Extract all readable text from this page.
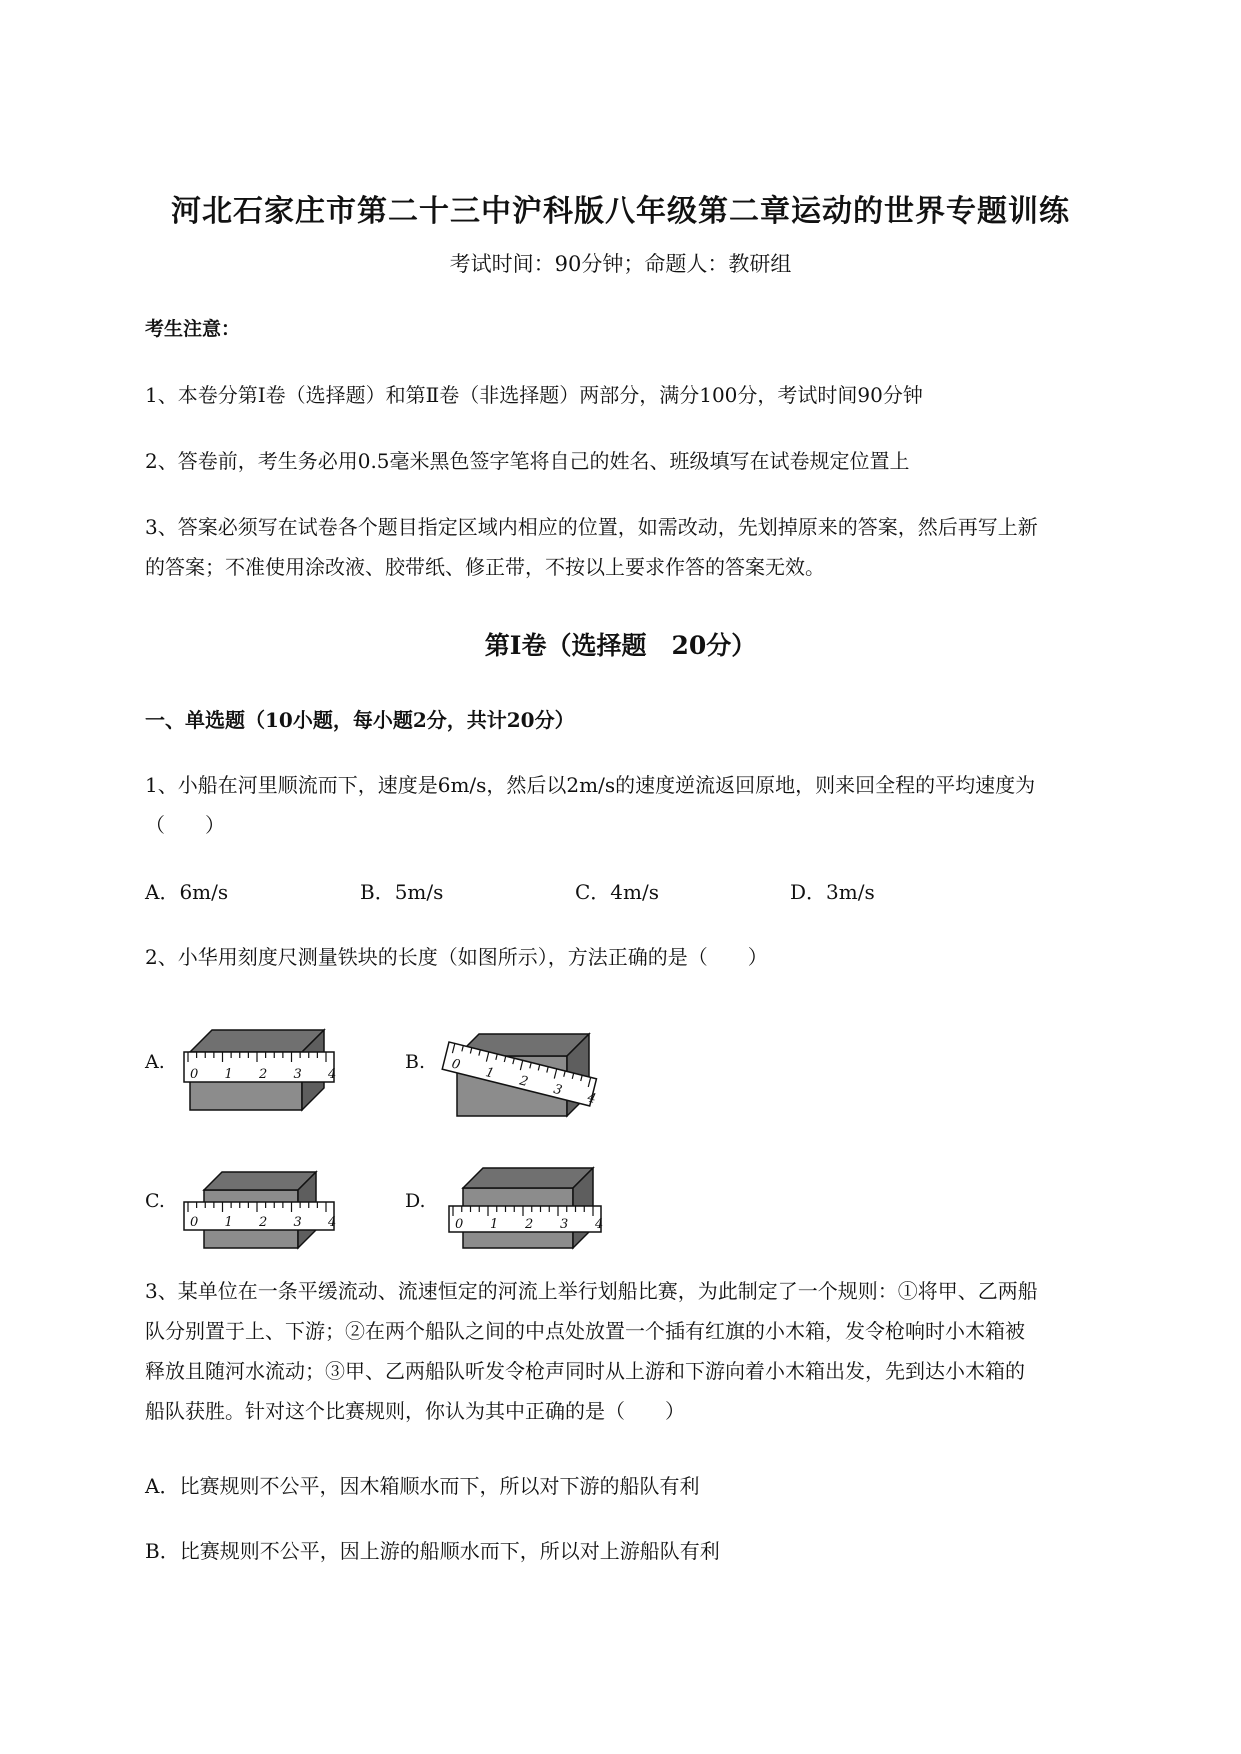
河北石家庄市第二十三中沪科版八年级第二章运动的世界专题训练
考试时间：90分钟；命题人：教研组
考生注意：
1、本卷分第Ⅰ卷（选择题）和第Ⅱ卷（非选择题）两部分，满分100分，考试时间90分钟
2、答卷前，考生务必用0.5毫米黑色签字笔将自己的姓名、班级填写在试卷规定位置上
3、答案必须写在试卷各个题目指定区域内相应的位置，如需改动，先划掉原来的答案，然后再写上新
的答案；不准使用涂改液、胶带纸、修正带，不按以上要求作答的答案无效。
第Ⅰ卷（选择题　20分）
一、单选题（10小题，每小题2分，共计20分）
1、小船在河里顺流而下，速度是6m/s，然后以2m/s的速度逆流返回原地，则来回全程的平均速度为
（　　）
A．6m/s	B．5m/s	C．4m/s	D．3m/s
2、小华用刻度尺测量铁块的长度（如图所示），方法正确的是（　　）
A.	B.
C.	D.
0 1 2 3 4
0
1
2
3
4
0 1 2 3 4	0 1 2 3 4
3、某单位在一条平缓流动、流速恒定的河流上举行划船比赛，为此制定了一个规则：①将甲、乙两船
队分别置于上、下游；②在两个船队之间的中点处放置一个插有红旗的小木箱，发令枪响时小木箱被
释放且随河水流动；③甲、乙两船队听发令枪声同时从上游和下游向着小木箱出发，先到达小木箱的
船队获胜。针对这个比赛规则，你认为其中正确的是（　　）
A．比赛规则不公平，因木箱顺水而下，所以对下游的船队有利
B．比赛规则不公平，因上游的船顺水而下，所以对上游船队有利
